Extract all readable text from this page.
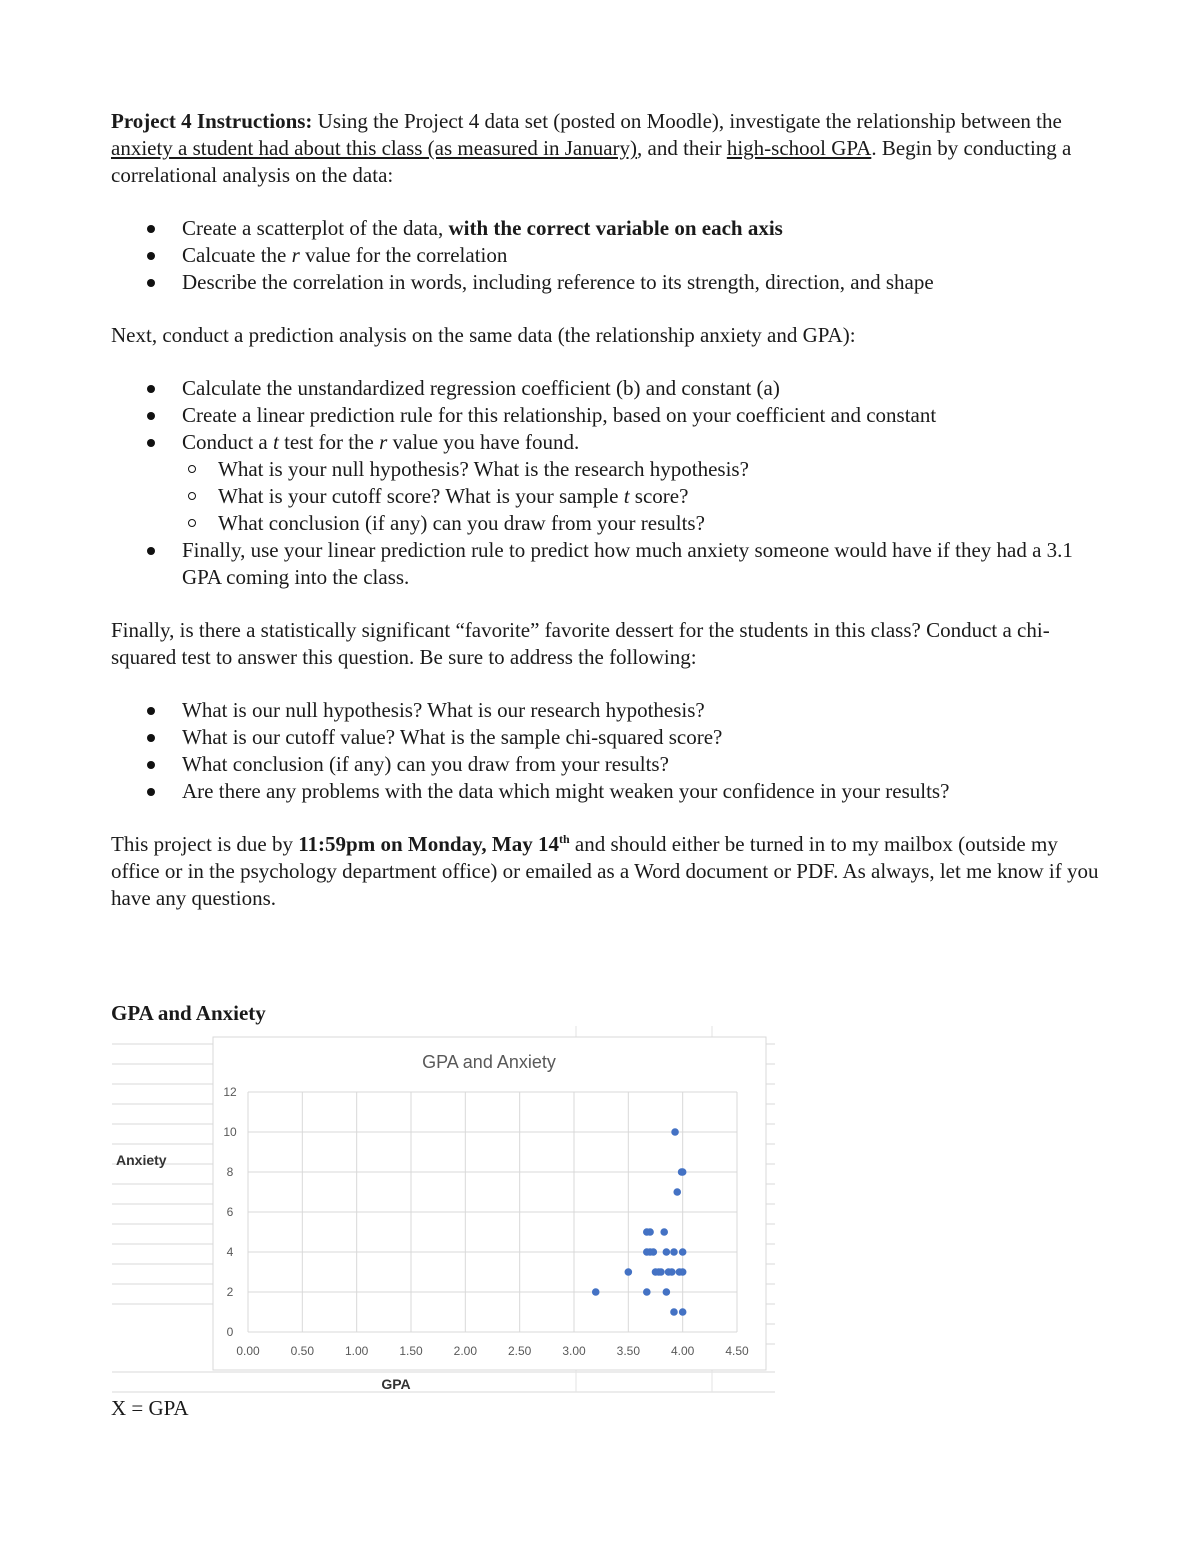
Project 4 Instructions: Using the Project 4 data set (posted on Moodle), investigate the relationship between the anxiety a student had about this class (as measured in January), and their high-school GPA. Begin by conducting a correlational analysis on the data:

Create a scatterplot of the data, with the correct variable on each axis
Calcuate the r value for the correlation
Describe the correlation in words, including reference to its strength, direction, and shape

Next, conduct a prediction analysis on the same data (the relationship anxiety and GPA):

Calculate the unstandardized regression coefficient (b) and constant (a)
Create a linear prediction rule for this relationship, based on your coefficient and constant
Conduct a t test for the r value you have found.
What is your null hypothesis? What is the research hypothesis?
What is your cutoff score? What is your sample t score?
What conclusion (if any) can you draw from your results?
Finally, use your linear prediction rule to predict how much anxiety someone would have if they had a 3.1 GPA coming into the class.

Finally, is there a statistically significant “favorite” favorite dessert for the students in this class? Conduct a chi-squared test to answer this question. Be sure to address the following:

What is our null hypothesis? What is our research hypothesis?
What is our cutoff value? What is the sample chi-squared score?
What conclusion (if any) can you draw from your results?
Are there any problems with the data which might weaken your confidence in your results?

This project is due by 11:59pm on Monday, May 14th and should either be turned in to my mailbox (outside my office or in the psychology department office) or emailed as a Word document or PDF. As always, let me know if you have any questions.

GPA and Anxiety
GPA and Anxiety
0
2
4
6
8
10
12
0.00	0.50	1.00	1.50	2.00	2.50	3.00	3.50	4.00	4.50
Anxiety
GPA
X = GPA
